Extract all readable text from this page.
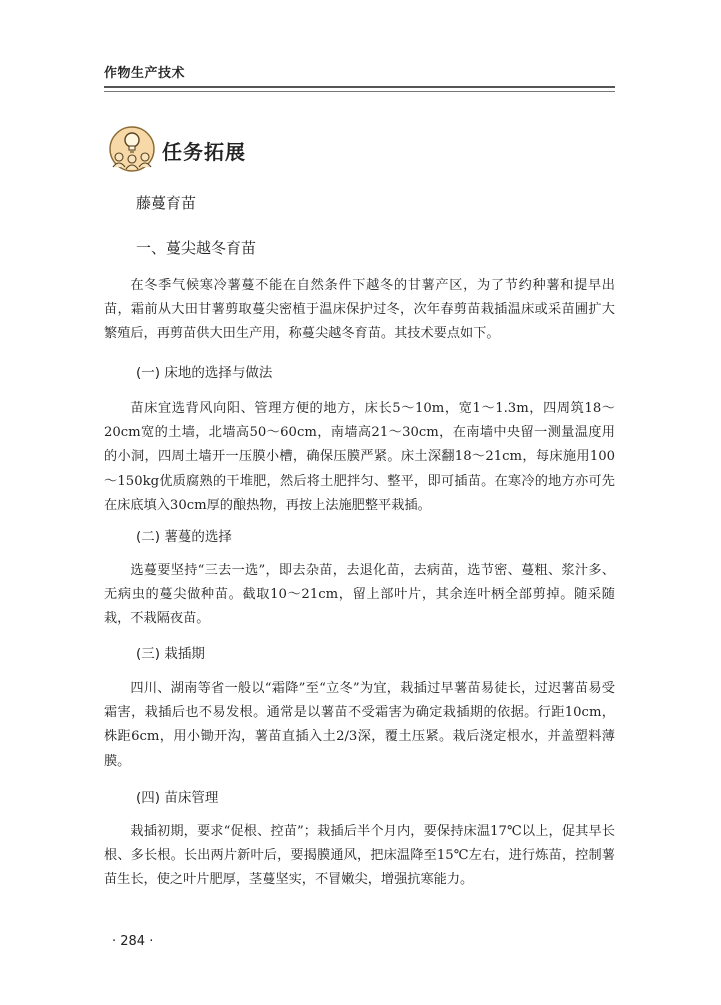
作物生产技术
任务拓展
藤蔓育苗
一、蔓尖越冬育苗

在冬季气候寒冷薯蔓不能在自然条件下越冬的甘薯产区，为了节约种薯和提早出苗，霜前从大田甘薯剪取蔓尖密植于温床保护过冬，次年春剪苗栽插温床或采苗圃扩大繁殖后，再剪苗供大田生产用，称蔓尖越冬育苗。其技术要点如下。

(一) 床地的选择与做法

苗床宜选背风向阳、管理方便的地方，床长5～10m，宽1～1.3m，四周筑18～20cm宽的土墙，北墙高50～60cm，南墙高21～30cm，在南墙中央留一测量温度用的小洞，四周土墙开一压膜小槽，确保压膜严紧。床土深翻18～21cm，每床施用100～150kg优质腐熟的干堆肥，然后将土肥拌匀、整平，即可插苗。在寒冷的地方亦可先在床底填入30cm厚的酿热物，再按上法施肥整平栽插。

(二) 薯蔓的选择

选蔓要坚持“三去一选”，即去杂苗，去退化苗，去病苗，选节密、蔓粗、浆汁多、无病虫的蔓尖做种苗。截取10～21cm，留上部叶片，其余连叶柄全部剪掉。随采随栽，不栽隔夜苗。

(三) 栽插期

四川、湖南等省一般以“霜降”至“立冬”为宜，栽插过早薯苗易徒长，过迟薯苗易受霜害，栽插后也不易发根。通常是以薯苗不受霜害为确定栽插期的依据。行距10cm，株距6cm，用小锄开沟，薯苗直插入土2/3深，覆土压紧。栽后浇定根水，并盖塑料薄膜。

(四) 苗床管理

栽插初期，要求“促根、控苗”；栽插后半个月内，要保持床温17℃以上，促其早长根、多长根。长出两片新叶后，要揭膜通风，把床温降至15℃左右，进行炼苗，控制薯苗生长，使之叶片肥厚，茎蔓坚实，不冒嫩尖，增强抗寒能力。

· 284 ·
